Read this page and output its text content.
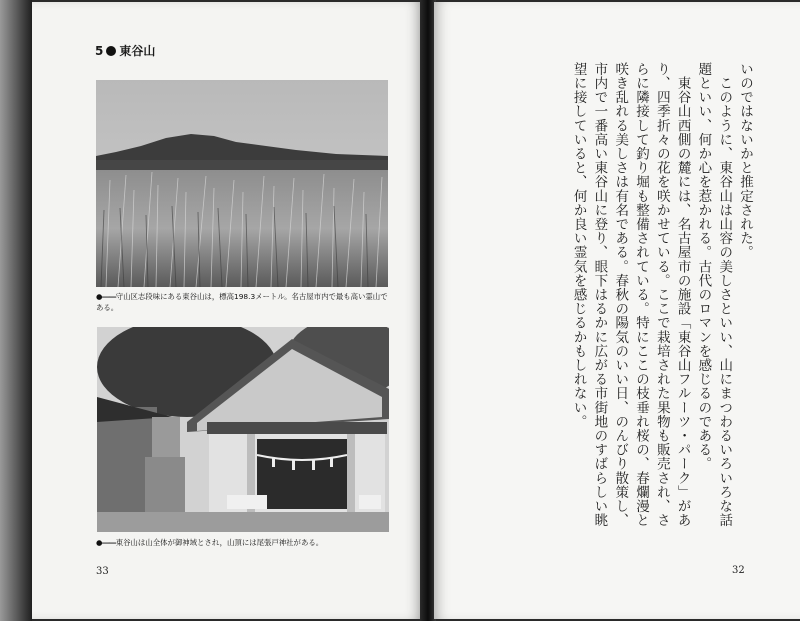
5 東谷山
●――守山区志段味にある東谷山は，標高198.3メートル。名古屋市内で最も高い霊山である。
●――東谷山は山全体が御神域とされ，山頂には尾張戸神社がある。
33

いのではないかと推定された。

　このように、東谷山は山容の美しさといい、山にまつわるいろいろな話題といい、何か心を惹かれる。古代のロマンを感じるのである。

　東谷山西側の麓には、名古屋市の施設「東谷山フルーツ・パーク」があり、四季折々の花を咲かせている。ここで栽培された果物も販売され、さらに隣接して釣り堀も整備されている。特にここの枝垂れ桜の、春爛漫と咲き乱れる美しさは有名である。春秋の陽気のいい日、のんびり散策し、市内で一番高い東谷山に登り、眼下はるかに広がる市街地のすばらしい眺望に接していると、何か良い霊気を感じるかもしれない。

32
